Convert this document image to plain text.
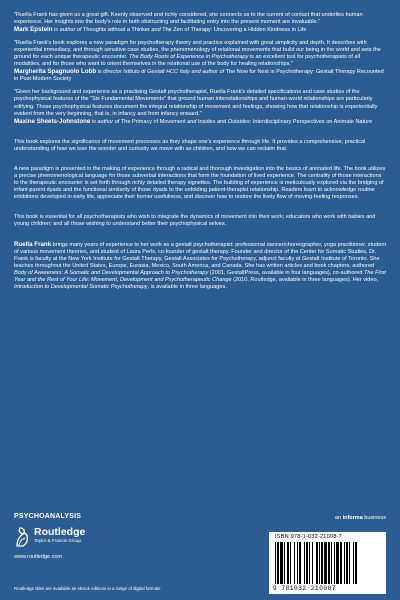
"Ruella Frank has given us a great gift. Keenly observed and richly considered, she connects us to the current of contact that underlies human experience. Her insights into the body's role in both obstructing and facilitating entry into the present moment are invaluable."

Mark Epstein is author of Thoughts without a Thinker and The Zen of Therapy: Uncovering a Hidden Kindness in Life

"Ruella Frank's book explores a new paradigm for psychotherapy theory and practice explained with great simplicity and depth. It describes with experiential immediacy, and through sensitive case studies, the phenomenology of relational movements that build our being in the world and sets the ground for each unique therapeutic encounter. The Body Roots of Experience in Psychotherapy is an excellent tool for psychotherapists of all modalities, and for those who want to orient themselves in the relational use of the body for healing relationships."

Margherita Spagnuolo Lobb is director Istituto di Gestalt HCC Italy and author of The Now for Next in Psychotherapy: Gestalt Therapy Recounted in Post-Modern Society

"Given her background and experience as a practising Gestalt psychotherapist, Ruella Frank's detailed specifications and case studies of the psychophysical features of the "Six Fundamental Movements" that ground human interrelationships and human-world relationships are particularly edifying. Those psychophysical features document the integral relationship of movement and feelings, showing how that relationship is experientially evident from the very beginning, that is, in infancy and from infancy onward."

Maxine Sheets-Johnstone is author of The Primacy of Movement and Insides and Outsides: Interdisciplinary Perspectives on Animate Nature

This book explores the significance of movement processes as they shape one's experience through life. It provides a comprehensive, practical understanding of how we lose the wonder and curiosity we move with as children, and how we can reclaim that.

A new paradigm is presented in the making of experience through a radical and thorough investigation into the basics of animated life. The book utilizes a precise phenomenological language for those subverbal interactions that form the foundation of lived experience. The centrality of those interactions to the therapeutic encounter is set forth through richly detailed therapy vignettes. The building of experience is meticulously explored via the bridging of infant-parent dyads and the functional similarity of those dyads to the unfolding patient-therapist relationship. Readers learn to acknowledge routine inhibitions developed in early life, appreciate their former usefulness, and discover how to restore the lively flow of moving-feeling responses.

This book is essential for all psychotherapists who wish to integrate the dynamics of movement into their work; educators who work with babies and young children; and all those wishing to understand better their psychophysical selves.

Ruella Frank brings many years of experience to her work as a gestalt psychotherapist: professional dancer/choreographer, yoga practitioner, student of various movement theories, and student of Laura Perls, co-founder of gestalt therapy. Founder and director of the Center for Somatic Studies, Dr. Frank is faculty at the New York Institute for Gestalt Therapy, Gestalt Associates for Psychotherapy, adjunct faculty at Gestalt Institute of Toronto. She teaches throughout the United States, Europe, Eurasia, Mexico, South America, and Canada. She has written articles and book chapters, authored Body of Awareness: A Somatic and Developmental Approach to Psychotherapy (2001, GestaltPress, available in four languages), co-authored The First Year and the Rest of Your Life: Movement, Development and Psychotherapeutic Change (2010, Routledge, available in three languages). Her video, Introduction to Developmental Somatic Psychotherapy, is available in three languages.

PSYCHOANALYSIS	an informa business
Routledge
Taylor & Francis Group
www.routledge.com
Routledge titles are available as eBook editions in a range of digital formats
ISBN 978-1-032-21008-7
9 781032 210087
